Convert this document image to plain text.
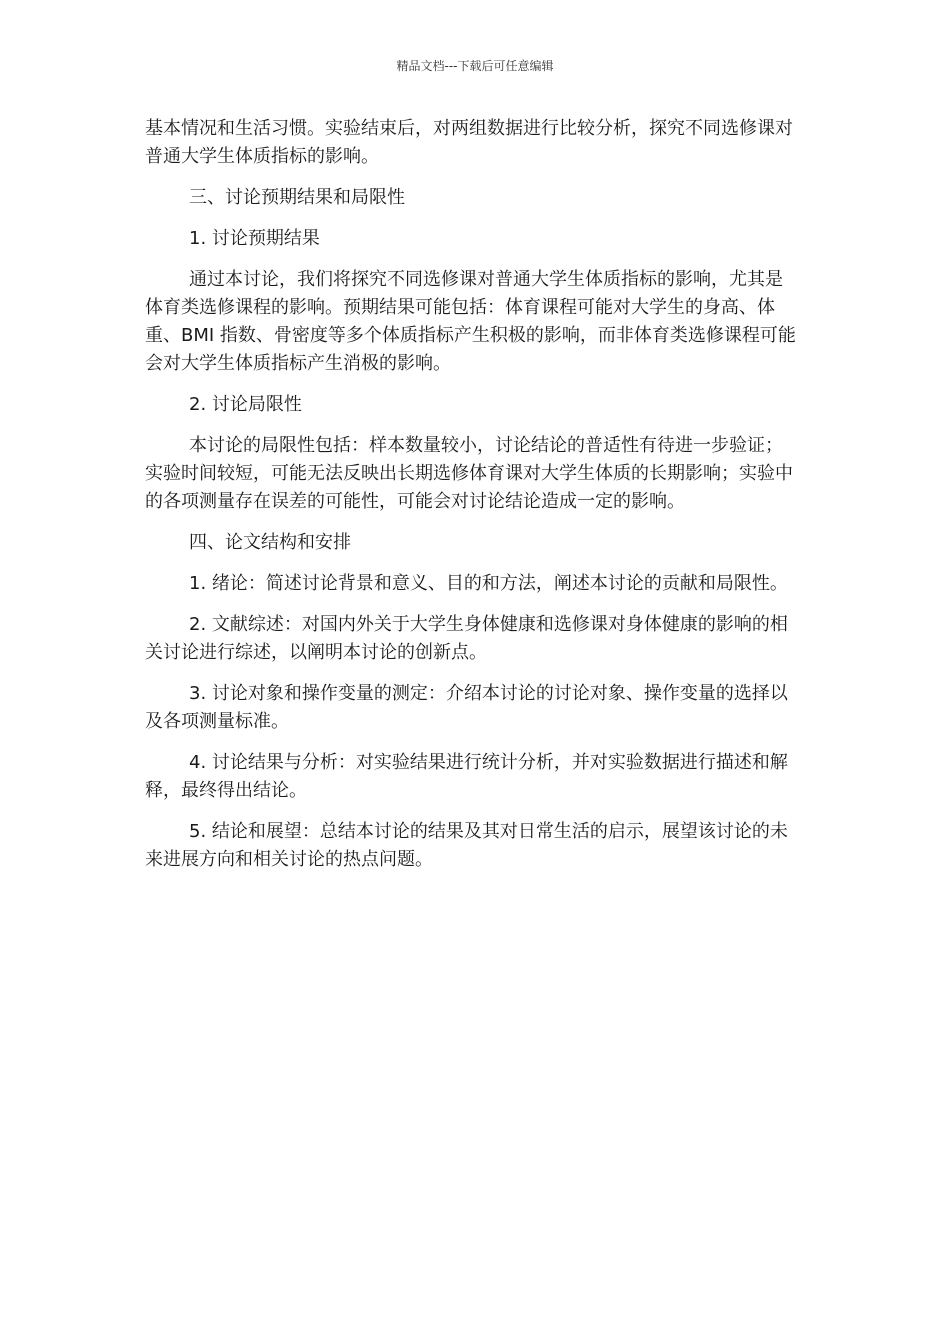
精品文档---下载后可任意编辑

基本情况和生活习惯。实验结束后，对两组数据进行比较分析，探究不同选修课对普通大学生体质指标的影响。

三、讨论预期结果和局限性

1. 讨论预期结果

通过本讨论，我们将探究不同选修课对普通大学生体质指标的影响，尤其是体育类选修课程的影响。预期结果可能包括：体育课程可能对大学生的身高、体重、BMI 指数、骨密度等多个体质指标产生积极的影响，而非体育类选修课程可能会对大学生体质指标产生消极的影响。

2. 讨论局限性

本讨论的局限性包括：样本数量较小，讨论结论的普适性有待进一步验证；实验时间较短，可能无法反映出长期选修体育课对大学生体质的长期影响；实验中的各项测量存在误差的可能性，可能会对讨论结论造成一定的影响。

四、论文结构和安排

1. 绪论：简述讨论背景和意义、目的和方法，阐述本讨论的贡献和局限性。

2. 文献综述：对国内外关于大学生身体健康和选修课对身体健康的影响的相关讨论进行综述，以阐明本讨论的创新点。

3. 讨论对象和操作变量的测定：介绍本讨论的讨论对象、操作变量的选择以及各项测量标准。

4. 讨论结果与分析：对实验结果进行统计分析，并对实验数据进行描述和解释，最终得出结论。

5. 结论和展望：总结本讨论的结果及其对日常生活的启示，展望该讨论的未来进展方向和相关讨论的热点问题。
